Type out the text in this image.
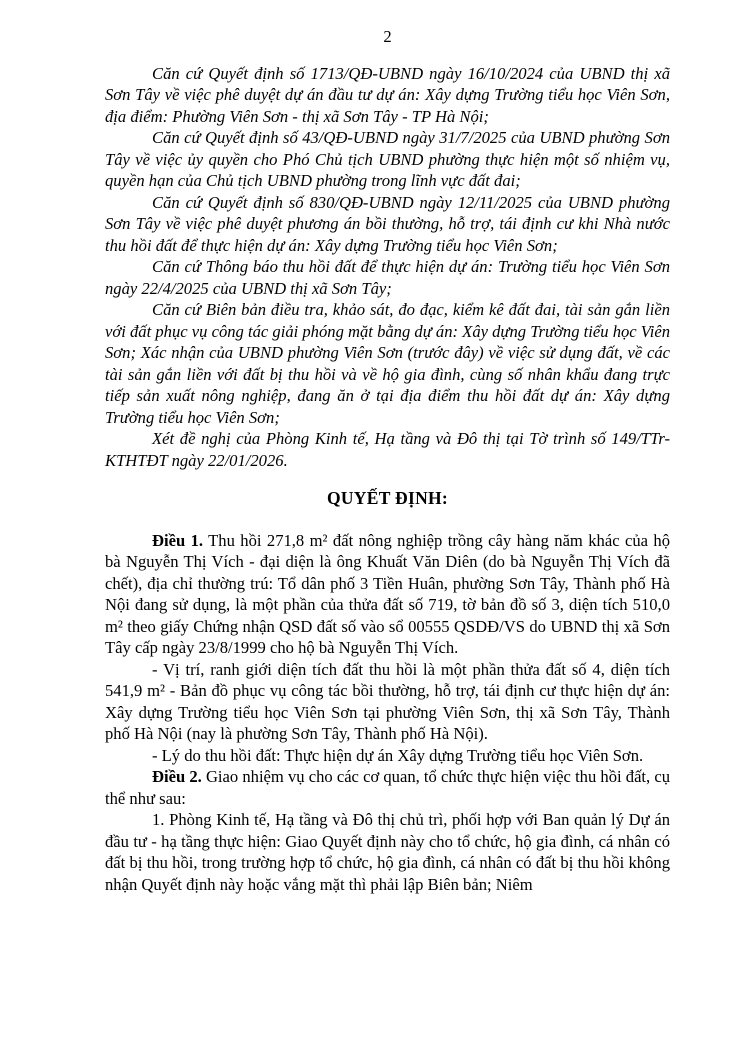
2

Căn cứ Quyết định số 1713/QĐ-UBND ngày 16/10/2024 của UBND thị xã Sơn Tây về việc phê duyệt dự án đầu tư dự án: Xây dựng Trường tiểu học Viên Sơn, địa điểm: Phường Viên Sơn - thị xã Sơn Tây - TP Hà Nội;

Căn cứ Quyết định số 43/QĐ-UBND ngày 31/7/2025 của UBND phường Sơn Tây về việc ủy quyền cho Phó Chủ tịch UBND phường thực hiện một số nhiệm vụ, quyền hạn của Chủ tịch UBND phường trong lĩnh vực đất đai;

Căn cứ Quyết định số 830/QĐ-UBND ngày 12/11/2025 của UBND phường Sơn Tây về việc phê duyệt phương án bồi thường, hỗ trợ, tái định cư khi Nhà nước thu hồi đất để thực hiện dự án: Xây dựng Trường tiểu học Viên Sơn;

Căn cứ Thông báo thu hồi đất để thực hiện dự án: Trường tiểu học Viên Sơn ngày 22/4/2025 của UBND thị xã Sơn Tây;

Căn cứ Biên bản điều tra, khảo sát, đo đạc, kiểm kê đất đai, tài sản gắn liền với đất phục vụ công tác giải phóng mặt bằng dự án: Xây dựng Trường tiểu học Viên Sơn; Xác nhận của UBND phường Viên Sơn (trước đây) về việc sử dụng đất, về các tài sản gắn liền với đất bị thu hồi và về hộ gia đình, cùng số nhân khẩu đang trực tiếp sản xuất nông nghiệp, đang ăn ở tại địa điểm thu hồi đất dự án: Xây dựng Trường tiểu học Viên Sơn;

Xét đề nghị của Phòng Kinh tế, Hạ tầng và Đô thị tại Tờ trình số 149/TTr-KTHTĐT ngày 22/01/2026.

QUYẾT ĐỊNH:

Điều 1. Thu hồi 271,8 m² đất nông nghiệp trồng cây hàng năm khác của hộ bà Nguyễn Thị Vích - đại diện là ông Khuất Văn Diên (do bà Nguyễn Thị Vích đã chết), địa chỉ thường trú: Tổ dân phố 3 Tiền Huân, phường Sơn Tây, Thành phố Hà Nội đang sử dụng, là một phần của thửa đất số 719, tờ bản đồ số 3, diện tích 510,0 m² theo giấy Chứng nhận QSD đất số vào sổ 00555 QSDĐ/VS do UBND thị xã Sơn Tây cấp ngày 23/8/1999 cho hộ bà Nguyễn Thị Vích.

- Vị trí, ranh giới diện tích đất thu hồi là một phần thửa đất số 4, diện tích 541,9 m² - Bản đồ phục vụ công tác bồi thường, hỗ trợ, tái định cư thực hiện dự án: Xây dựng Trường tiểu học Viên Sơn tại phường Viên Sơn, thị xã Sơn Tây, Thành phố Hà Nội (nay là phường Sơn Tây, Thành phố Hà Nội).

- Lý do thu hồi đất: Thực hiện dự án Xây dựng Trường tiểu học Viên Sơn.

Điều 2. Giao nhiệm vụ cho các cơ quan, tổ chức thực hiện việc thu hồi đất, cụ thể như sau:

1. Phòng Kinh tế, Hạ tầng và Đô thị chủ trì, phối hợp với Ban quản lý Dự án đầu tư - hạ tầng thực hiện: Giao Quyết định này cho tổ chức, hộ gia đình, cá nhân có đất bị thu hồi, trong trường hợp tổ chức, hộ gia đình, cá nhân có đất bị thu hồi không nhận Quyết định này hoặc vắng mặt thì phải lập Biên bản; Niêm
